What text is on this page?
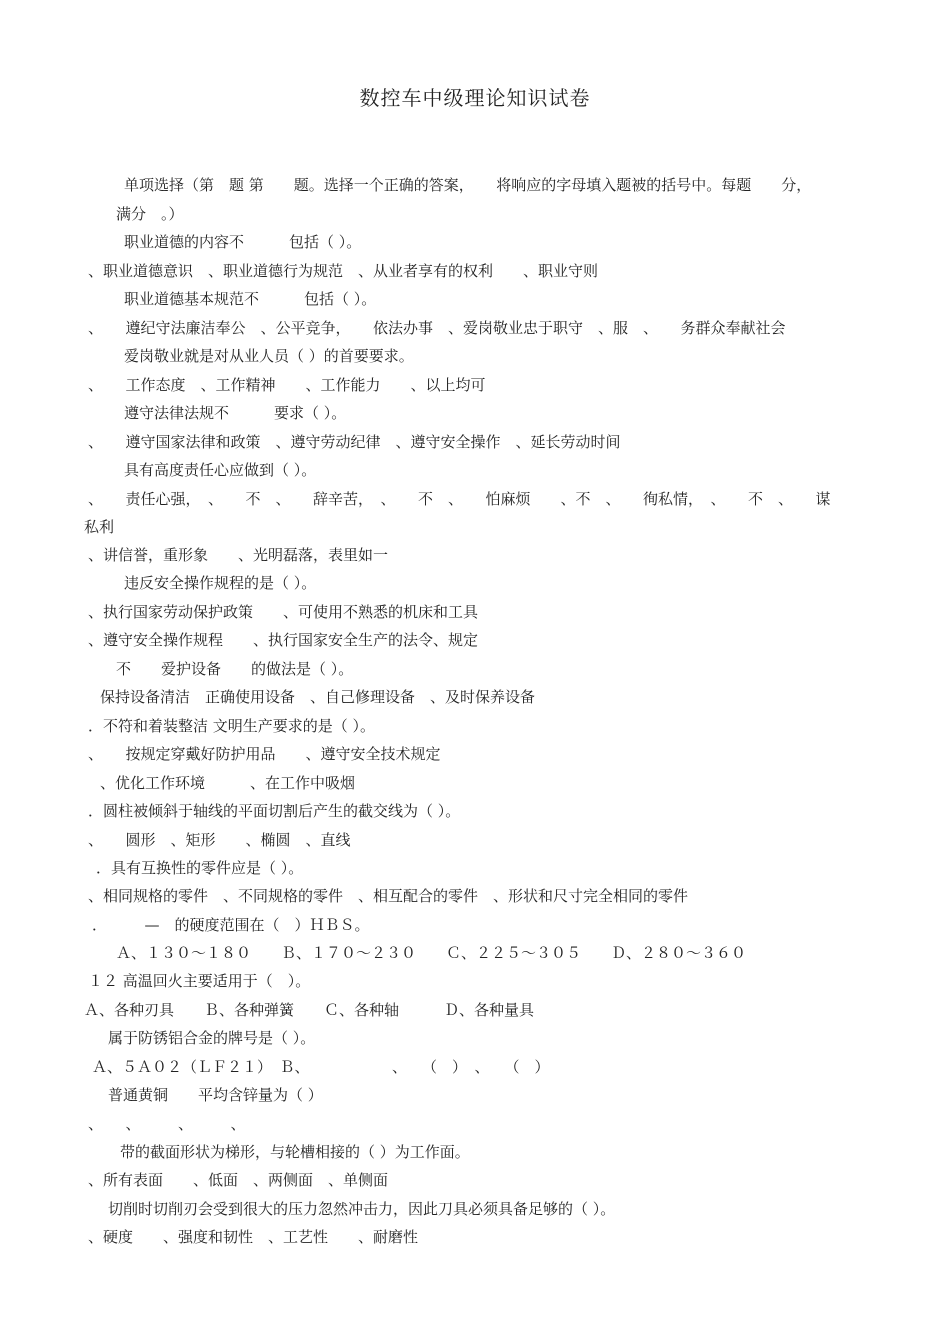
数控车中级理论知识试卷
单项选择（第　题 第　　题。选择一个正确的答案，　　将响应的字母填入题被的括号中。每题　　分，
满分　。）
职业道德的内容不　　　包括（ ）。
、职业道德意识　、职业道德行为规范　、从业者享有的权利　　、职业守则
职业道德基本规范不　　　包括（ ）。
、　　遵纪守法廉洁奉公　、公平竞争，　　依法办事　、爱岗敬业忠于职守　、服　、　　务群众奉献社会
爱岗敬业就是对从业人员（ ）的首要要求。
、　　工作态度　、工作精神　　、工作能力　　、以上均可
遵守法律法规不　　　要求（ ）。
、　　遵守国家法律和政策　、遵守劳动纪律　、遵守安全操作　、延长劳动时间
具有高度责任心应做到（ ）。
、　　责任心强，　、　　不　、　　辞辛苦，　、　　不　、　　怕麻烦　　、不　、　　徇私情，　、　　不　、　　谋
私利
、讲信誉，重形象　　、光明磊落，表里如一
违反安全操作规程的是（ ）。
、执行国家劳动保护政策　　、可使用不熟悉的机床和工具
、遵守安全操作规程　　、执行国家安全生产的法令、规定
不　　爱护设备　　的做法是（ ）。
保持设备清洁　正确使用设备　、自己修理设备　、及时保养设备
．不符和着装整洁 文明生产要求的是（ ）。
、　　按规定穿戴好防护用品　　、遵守安全技术规定
、优化工作环境　　　、在工作中吸烟
．圆柱被倾斜于轴线的平面切割后产生的截交线为（ ）。
、　　圆形　、矩形　　、椭圆　、直线
．具有互换性的零件应是（ ）。
、相同规格的零件　、不同规格的零件　、相互配合的零件　、形状和尺寸完全相同的零件
．　　　—　的硬度范围在（　）ＨＢＳ。
Ａ、１３０～１８０　　Ｂ、１７０～２３０　　Ｃ、２２５～３０５　　Ｄ、２８０～３６０
１２ 高温回火主要适用于（　）。
Ａ、各种刃具　　Ｂ、各种弹簧　　Ｃ、各种轴　　　Ｄ、各种量具
属于防锈铝合金的牌号是（ ）。
Ａ、５Ａ０２（ＬＦ２１）　Ｂ、　　　　　　、　　（　）　、　　（　）
普通黄铜　　平均含锌量为（ ）
、　　、　　　、　　　、
带的截面形状为梯形，与轮槽相接的（ ）为工作面。
、所有表面　　、低面　、两侧面　、单侧面
切削时切削刃会受到很大的压力忽然冲击力，因此刀具必须具备足够的（ ）。
、硬度　　、强度和韧性　、工艺性　　、耐磨性
